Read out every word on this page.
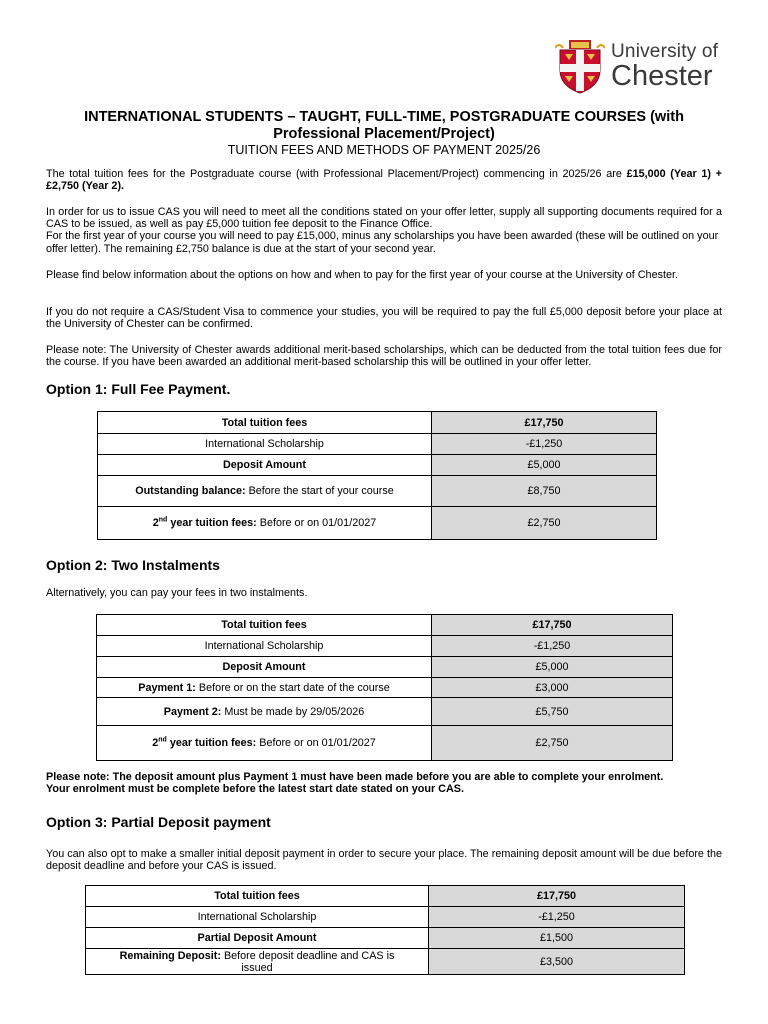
University of
Chester
INTERNATIONAL STUDENTS – TAUGHT, FULL-TIME, POSTGRADUATE COURSES (with
Professional Placement/Project)
TUITION FEES AND METHODS OF PAYMENT 2025/26
The total tuition fees for the Postgraduate course (with Professional Placement/Project) commencing in 2025/26 are £15,000 (Year 1) + £2,750 (Year 2).
In order for us to issue CAS you will need to meet all the conditions stated on your offer letter, supply all supporting documents required for a CAS to be issued, as well as pay £5,000 tuition fee deposit to the Finance Office.
For the first year of your course you will need to pay £15,000, minus any scholarships you have been awarded (these will be outlined on your offer letter). The remaining £2,750 balance is due at the start of your second year.
Please find below information about the options on how and when to pay for the first year of your course at the University of Chester.
If you do not require a CAS/Student Visa to commence your studies, you will be required to pay the full £5,000 deposit before your place at the University of Chester can be confirmed.
Please note: The University of Chester awards additional merit-based scholarships, which can be deducted from the total tuition fees due for the course. If you have been awarded an additional merit-based scholarship this will be outlined in your offer letter.
Option 1: Full Fee Payment.
Total tuition fees	£17,750
International Scholarship	-£1,250
Deposit Amount	£5,000
Outstanding balance: Before the start of your course	£8,750
2nd year tuition fees: Before or on 01/01/2027	£2,750
Option 2: Two Instalments
Alternatively, you can pay your fees in two instalments.
Total tuition fees	£17,750
International Scholarship	-£1,250
Deposit Amount	£5,000
Payment 1: Before or on the start date of the course	£3,000
Payment 2: Must be made by 29/05/2026	£5,750
2nd year tuition fees: Before or on 01/01/2027	£2,750
Please note: The deposit amount plus Payment 1 must have been made before you are able to complete your enrolment.
Your enrolment must be complete before the latest start date stated on your CAS.
Option 3: Partial Deposit payment
You can also opt to make a smaller initial deposit payment in order to secure your place. The remaining deposit amount will be due before the deposit deadline and before your CAS is issued.
Total tuition fees	£17,750
International Scholarship	-£1,250
Partial Deposit Amount	£1,500
Remaining Deposit: Before deposit deadline and CAS is issued	£3,500
